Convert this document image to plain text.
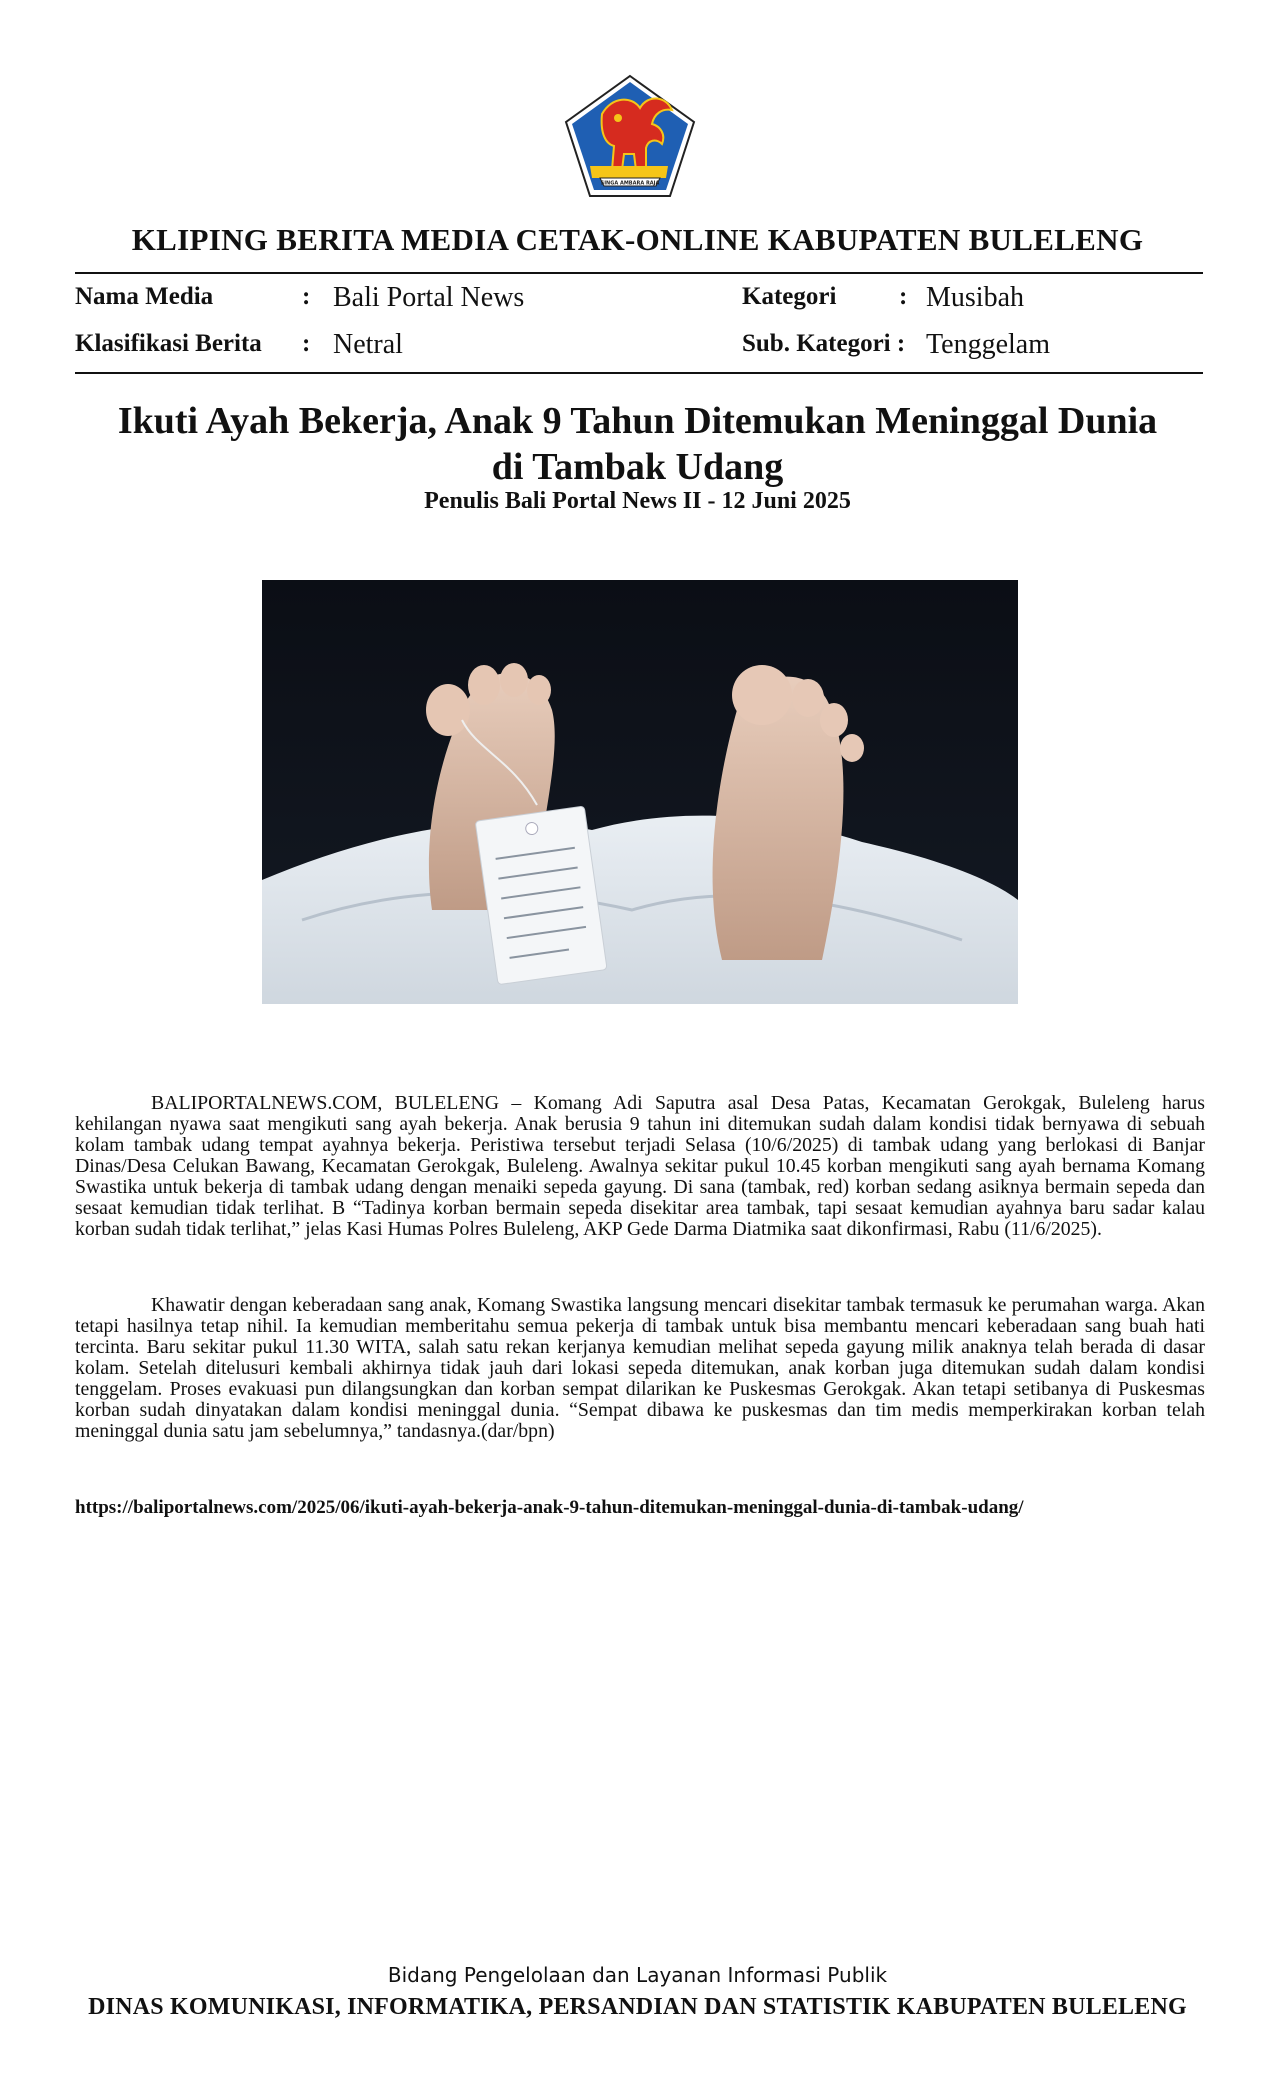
SINGA AMBARA RAJA
KLIPING BERITA MEDIA CETAK-ONLINE KABUPATEN BULELENG
Nama Media	: Bali Portal News
Klasifikasi Berita : Netral
Kategori	: Musibah
Sub. Kategori : Tenggelam
Ikuti Ayah Bekerja, Anak 9 Tahun Ditemukan Meninggal Dunia
di Tambak Udang
Penulis Bali Portal News II - 12 Juni 2025

BALIPORTALNEWS.COM, BULELENG – Komang Adi Saputra asal Desa Patas, Kecamatan Gerokgak, Buleleng harus kehilangan nyawa saat mengikuti sang ayah bekerja. Anak berusia 9 tahun ini ditemukan sudah dalam kondisi tidak bernyawa di sebuah kolam tambak udang tempat ayahnya bekerja. Peristiwa tersebut terjadi Selasa (10/6/2025) di tambak udang yang berlokasi di Banjar Dinas/Desa Celukan Bawang, Kecamatan Gerokgak, Buleleng. Awalnya sekitar pukul 10.45 korban mengikuti sang ayah bernama Komang Swastika untuk bekerja di tambak udang dengan menaiki sepeda gayung. Di sana (tambak, red) korban sedang asiknya bermain sepeda dan sesaat kemudian tidak terlihat. B “Tadinya korban bermain sepeda disekitar area tambak, tapi sesaat kemudian ayahnya baru sadar kalau korban sudah tidak terlihat,” jelas Kasi Humas Polres Buleleng, AKP Gede Darma Diatmika saat dikonfirmasi, Rabu (11/6/2025).

Khawatir dengan keberadaan sang anak, Komang Swastika langsung mencari disekitar tambak termasuk ke perumahan warga. Akan tetapi hasilnya tetap nihil. Ia kemudian memberitahu semua pekerja di tambak untuk bisa membantu mencari keberadaan sang buah hati tercinta. Baru sekitar pukul 11.30 WITA, salah satu rekan kerjanya kemudian melihat sepeda gayung milik anaknya telah berada di dasar kolam. Setelah ditelusuri kembali akhirnya tidak jauh dari lokasi sepeda ditemukan, anak korban juga ditemukan sudah dalam kondisi tenggelam. Proses evakuasi pun dilangsungkan dan korban sempat dilarikan ke Puskesmas Gerokgak. Akan tetapi setibanya di Puskesmas korban sudah dinyatakan dalam kondisi meninggal dunia. “Sempat dibawa ke puskesmas dan tim medis memperkirakan korban telah meninggal dunia satu jam sebelumnya,” tandasnya.(dar/bpn)

https://baliportalnews.com/2025/06/ikuti-ayah-bekerja-anak-9-tahun-ditemukan-meninggal-dunia-di-tambak-udang/
Bidang Pengelolaan dan Layanan Informasi Publik
DINAS KOMUNIKASI, INFORMATIKA, PERSANDIAN DAN STATISTIK KABUPATEN BULELENG
